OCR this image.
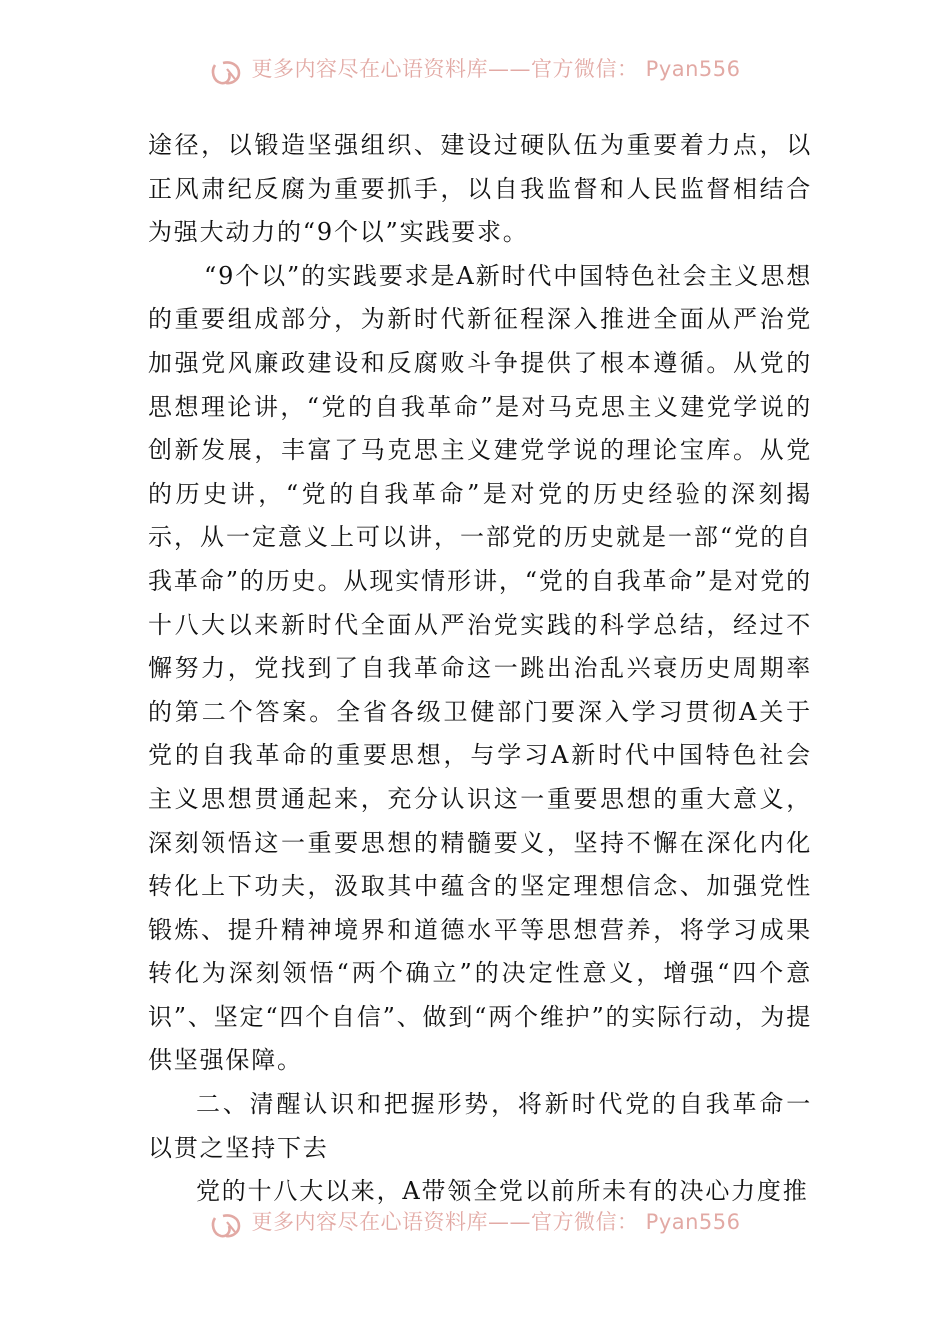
更多内容尽在心语资料库——官方微信： Pyan556

途径，以锻造坚强组织、建设过硬队伍为重要着力点，以正风肃纪反腐为重要抓手，以自我监督和人民监督相结合为强大动力的“9个以”实践要求。

“9个以”的实践要求是A新时代中国特色社会主义思想的重要组成部分，为新时代新征程深入推进全面从严治党加强党风廉政建设和反腐败斗争提供了根本遵循。从党的思想理论讲，“党的自我革命”是对马克思主义建党学说的创新发展，丰富了马克思主义建党学说的理论宝库。从党的历史讲，“党的自我革命”是对党的历史经验的深刻揭示，从一定意义上可以讲，一部党的历史就是一部“党的自我革命”的历史。从现实情形讲，“党的自我革命”是对党的十八大以来新时代全面从严治党实践的科学总结，经过不懈努力，党找到了自我革命这一跳出治乱兴衰历史周期率的第二个答案。全省各级卫健部门要深入学习贯彻A关于党的自我革命的重要思想，与学习A新时代中国特色社会主义思想贯通起来，充分认识这一重要思想的重大意义，深刻领悟这一重要思想的精髓要义，坚持不懈在深化内化转化上下功夫，汲取其中蕴含的坚定理想信念、加强党性锻炼、提升精神境界和道德水平等思想营养，将学习成果转化为深刻领悟“两个确立”的决定性意义，增强“四个意识”、坚定“四个自信”、做到“两个维护”的实际行动，为提供坚强保障。

二、清醒认识和把握形势，将新时代党的自我革命一以贯之坚持下去

党的十八大以来，A带领全党以前所未有的决心力度推

更多内容尽在心语资料库——官方微信： Pyan556
